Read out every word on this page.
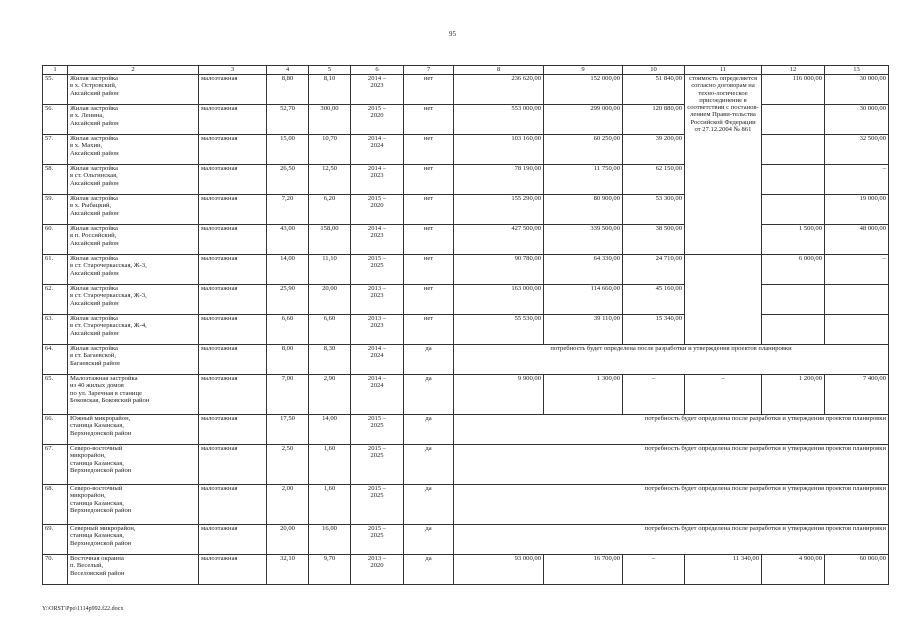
95
1	2	3	4	5	6	7	8	9	10	11	12	13
55.	Жилая застройка
в х. Островский,
Аксайский район	малоэтажная	8,80	8,10	2014 –
2023	нет	236 620,00	152 000,00	51 840,00	стоимость определяется согласно договорам на техно-логическое присоединение в соответствии с постанов-лением Прави-тельства Российской Федерации от 27.12.2004 № 861	116 000,00	30 000,00
56.	Жилая застройка
в х. Ленина,
Аксайский район	малоэтажная	52,70	300,00	2015 –
2020	нет	553 000,00	299 000,00	120 880,00			30 000,00
57.	Жилая застройка
в х. Махин,
Аксайский район	малоэтажная	15,00	10,70	2014 –
2024	нет	103 160,00	60 250,00	39 200,00			32 500,00
58.	Жилая застройка
в ст. Ольгинская,
Аксайский район	малоэтажная	26,50	12,50	2014 –
2023	нет	78 190,00	11 750,00	62 150,00			–
59.	Жилая застройка
в х. Рыбацкий,
Аксайский район	малоэтажная	7,20	6,20	2015 –
2020	нет	155 290,00	80 900,00	53 300,00			19 000,00
60.	Жилая застройка
в п. Российский,
Аксайский район	малоэтажная	43,00	158,00	2014 –
2023	нет	427 500,00	339 500,00	38 500,00		1 500,00	48 000,00
61.	Жилая застройка
в ст. Старочеркасская, Ж-3,
Аксайский район	малоэтажная	14,00	11,10	2015 –
2025	нет	90 780,00	64 330,00	24 710,00		6 000,00	–
62.	Жилая застройка
в ст. Старочеркасская, Ж-3,
Аксайский район	малоэтажная	25,90	20,00	2013 –
2023	нет	163 000,00	114 660,00	45 160,00			
63.	Жилая застройка
в ст. Старочеркасская, Ж-4,
Аксайский район	малоэтажная	6,60	6,60	2013 –
2023	нет	55 530,00	39 110,00	15 340,00			
64.	Жилая застройка
в ст. Багаевской,
Багаевский район	малоэтажная	8,00	8,30	2014 –
2024	да	потребность будет определена после разработки и утверждения проектов планировки					
65.	Малоэтажная застройка
из 40 жилых домов
по ул. Заречная в станице
Боковская, Боковский район	малоэтажная	7,00	2,90	2014 –
2024	да	9 900,00	1 300,00	–	–	1 200,00	7 400,00
66.	Южный микрорайон,
станица Казанская,
Верхнедонской район	малоэтажная	17,50	14,00	2015 –
2025	да	потребность будет определена после разработки и утверждения проектов планировки					
67.	Северо-восточный
микрорайон,
станица Казанская,
Верхнедонской район	малоэтажная	2,50	1,60	2015 –
2025	да	потребность будет определена после разработки и утверждения проектов планировки					
68.	Северо-восточный
микрорайон,
станица Казанская,
Верхнедонской район	малоэтажная	2,00	1,60	2015 –
2025	да	потребность будет определена после разработки и утверждения проектов планировки					
69.	Северный микрорайон,
станица Казанская,
Верхнедонской район	малоэтажная	20,00	16,00	2015 –
2025	да	потребность будет определена после разработки и утверждения проектов планировки					
70.	Восточная окраина
п. Веселый,
Веселовский район	малоэтажная	32,10	9,70	2013 –
2020	да	93 000,00	16 700,00	–	11 340,00	4 900,00	60 060,00
Y:\ORST\Ppo\1114p992.f22.docx
